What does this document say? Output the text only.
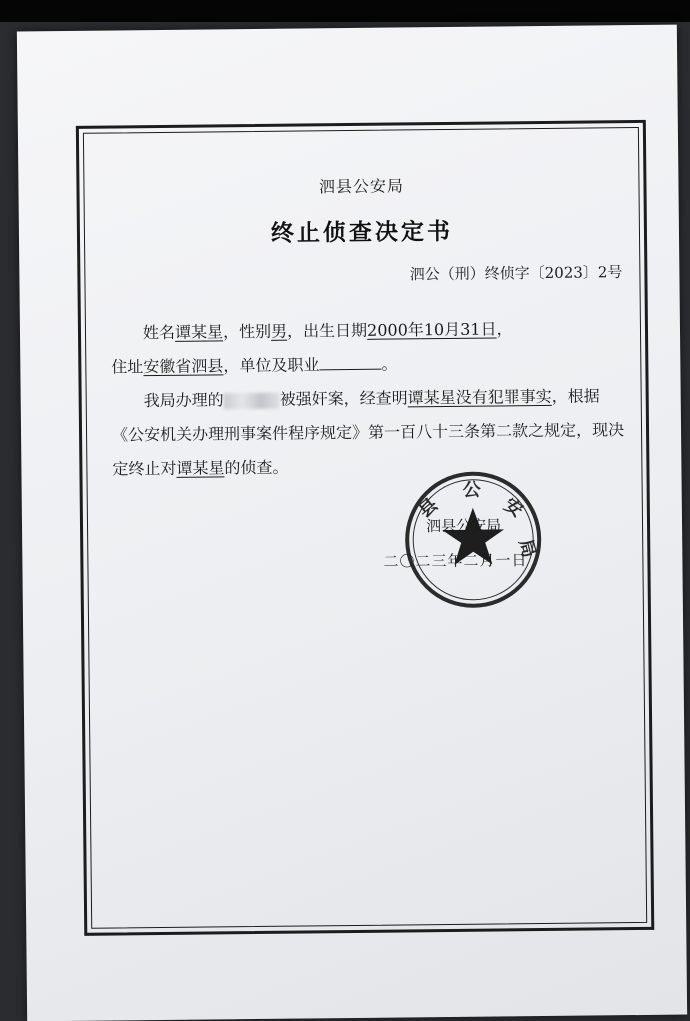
泗县公安局
终止侦查决定书
泗公（刑）终侦字〔2023〕2号

姓名谭某星，性别男，出生日期2000年10月31日，

住址安徽省泗县，单位及职业	。

我局办理的	被强奸案，经查明谭某星没有犯罪事实，根据《公安机关办理刑事案件程序规定》第一百八十三条第二款之规定，现决定终止对谭某星的侦查。

县
公
安
局
泗县公安局
二〇二三年二月一日
